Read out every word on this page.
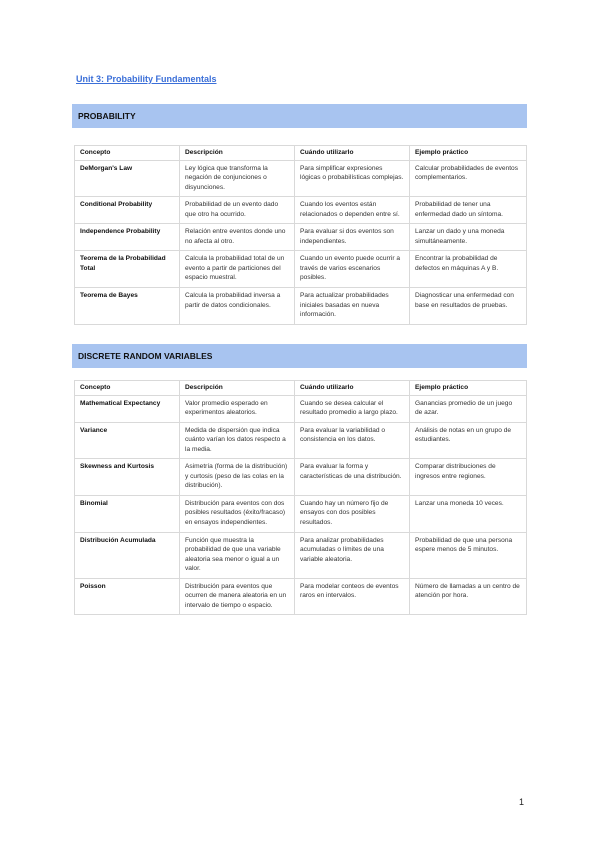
Unit 3: Probability Fundamentals

PROBABILITY
Concepto	Descripción	Cuándo utilizarlo	Ejemplo práctico
DeMorgan's Law	Ley lógica que transforma la negación de conjunciones o disyunciones.	Para simplificar expresiones lógicas o probabilísticas complejas.	Calcular probabilidades de eventos complementarios.
Conditional Probability	Probabilidad de un evento dado que otro ha ocurrido.	Cuando los eventos están relacionados o dependen entre sí.	Probabilidad de tener una enfermedad dado un síntoma.
Independence Probability	Relación entre eventos donde uno no afecta al otro.	Para evaluar si dos eventos son independientes.	Lanzar un dado y una moneda simultáneamente.
Teorema de la Probabilidad Total	Calcula la probabilidad total de un evento a partir de particiones del espacio muestral.	Cuando un evento puede ocurrir a través de varios escenarios posibles.	Encontrar la probabilidad de defectos en máquinas A y B.
Teorema de Bayes	Calcula la probabilidad inversa a partir de datos condicionales.	Para actualizar probabilidades iniciales basadas en nueva información.	Diagnosticar una enfermedad con base en resultados de pruebas.
DISCRETE RANDOM VARIABLES
Concepto	Descripción	Cuándo utilizarlo	Ejemplo práctico
Mathematical Expectancy	Valor promedio esperado en experimentos aleatorios.	Cuando se desea calcular el resultado promedio a largo plazo.	Ganancias promedio de un juego de azar.
Variance	Medida de dispersión que indica cuánto varían los datos respecto a la media.	Para evaluar la variabilidad o consistencia en los datos.	Análisis de notas en un grupo de estudiantes.
Skewness and Kurtosis	Asimetría (forma de la distribución) y curtosis (peso de las colas en la distribución).	Para evaluar la forma y características de una distribución.	Comparar distribuciones de ingresos entre regiones.
Binomial	Distribución para eventos con dos posibles resultados (éxito/fracaso) en ensayos independientes.	Cuando hay un número fijo de ensayos con dos posibles resultados.	Lanzar una moneda 10 veces.
Distribución Acumulada	Función que muestra la probabilidad de que una variable aleatoria sea menor o igual a un valor.	Para analizar probabilidades acumuladas o límites de una variable aleatoria.	Probabilidad de que una persona espere menos de 5 minutos.
Poisson	Distribución para eventos que ocurren de manera aleatoria en un intervalo de tiempo o espacio.	Para modelar conteos de eventos raros en intervalos.	Número de llamadas a un centro de atención por hora.
1
